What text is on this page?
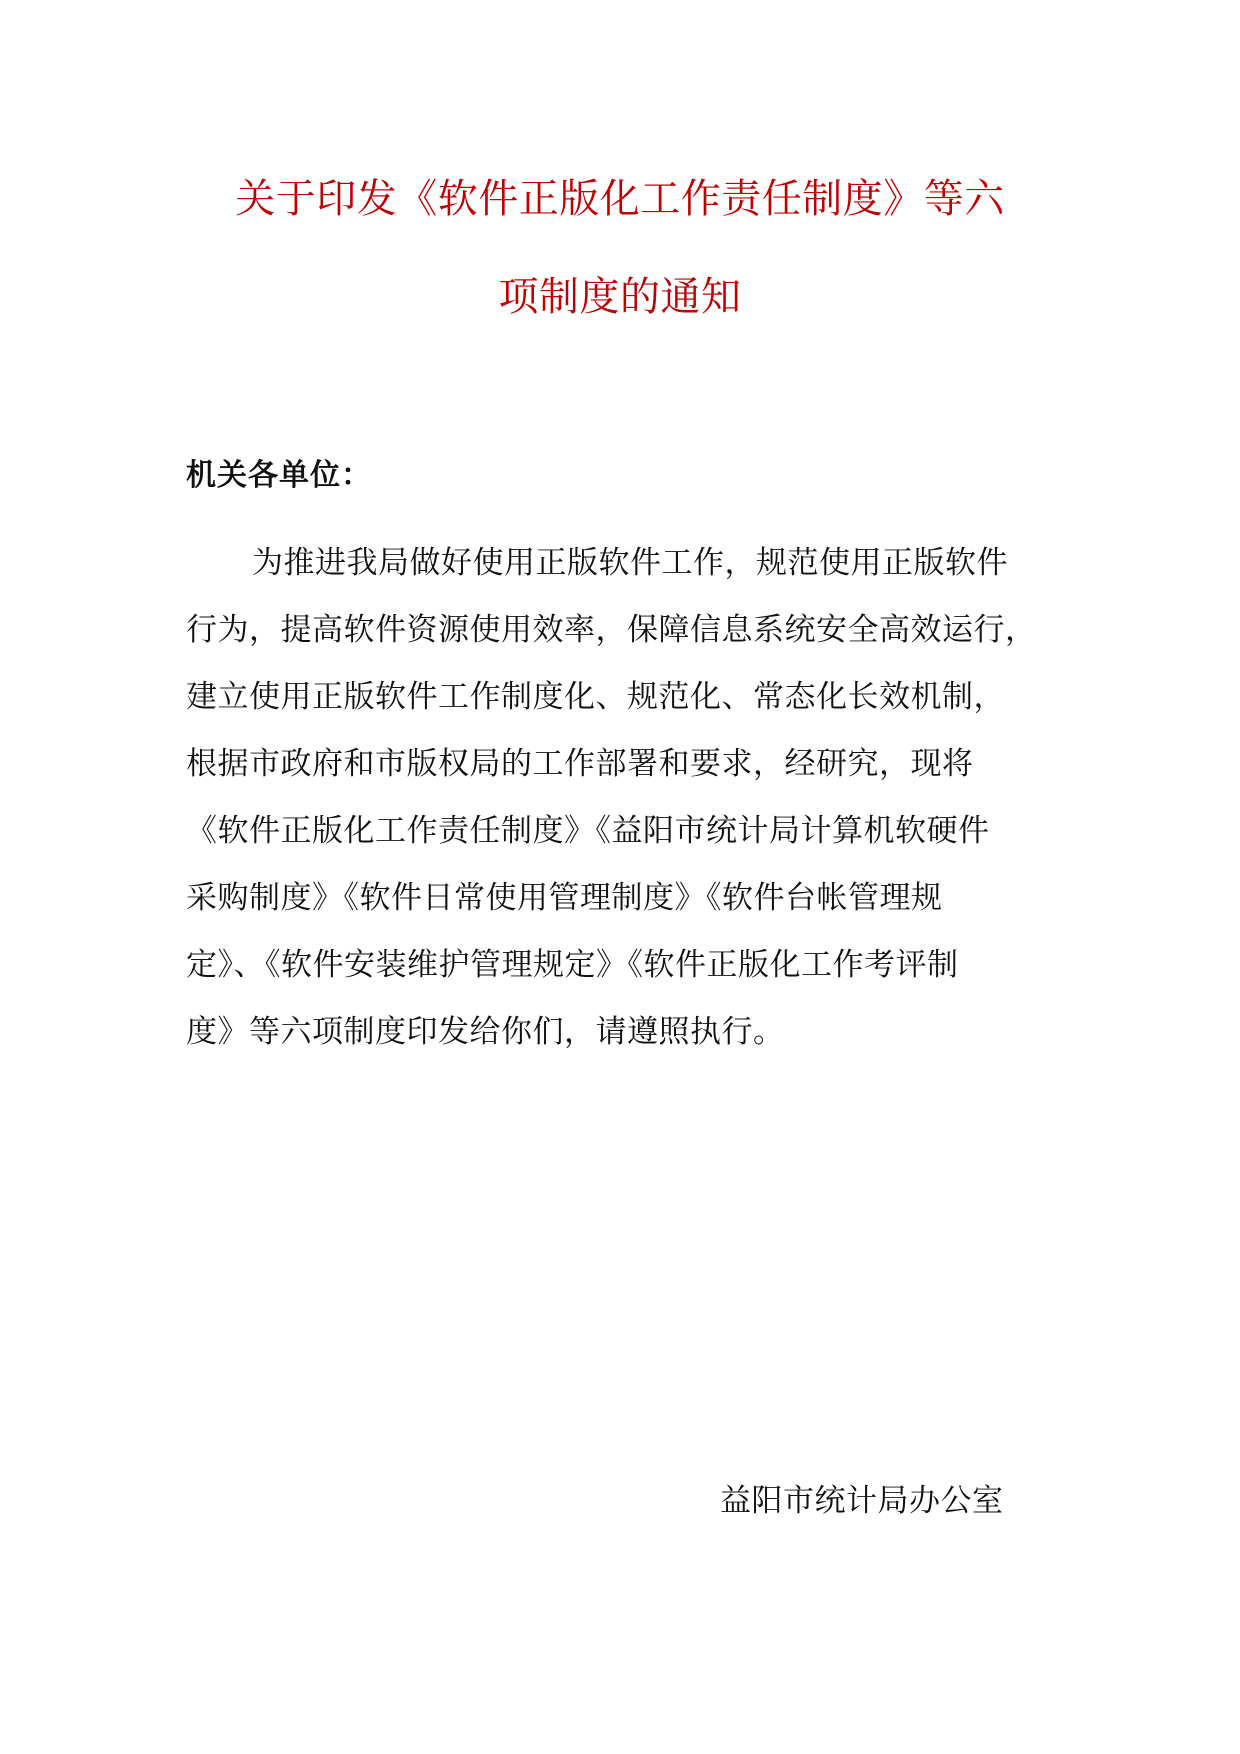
关于印发《软件正版化工作责任制度》等六
项制度的通知

机关各单位：

为推进我局做好使用正版软件工作，规范使用正版软件
行为，提高软件资源使用效率，保障信息系统安全高效运行，
建立使用正版软件工作制度化、规范化、常态化长效机制，
根据市政府和市版权局的工作部署和要求，经研究，现将
《软件正版化工作责任制度》《益阳市统计局计算机软硬件
采购制度》《软件日常使用管理制度》《软件台帐管理规
定》、《软件安装维护管理规定》《软件正版化工作考评制
度》等六项制度印发给你们，请遵照执行。

益阳市统计局办公室
